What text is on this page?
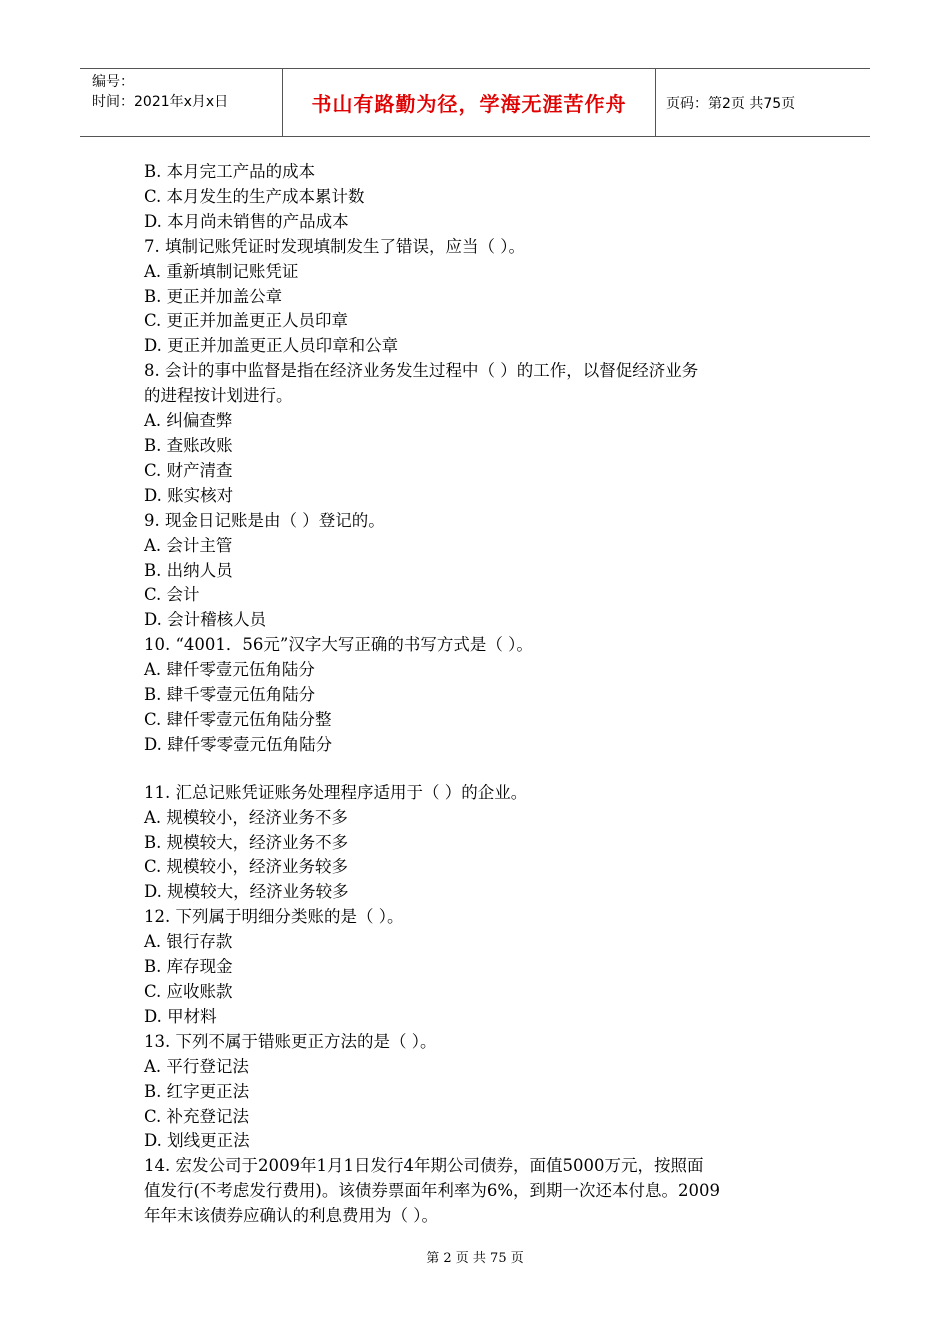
编号：
时间：2021年x月x日	书山有路勤为径，学海无涯苦作舟	页码：第2页 共75页
B. 本月完工产品的成本
C. 本月发生的生产成本累计数
D. 本月尚未销售的产品成本
7. 填制记账凭证时发现填制发生了错误，应当（ ）。
A. 重新填制记账凭证
B. 更正并加盖公章
C. 更正并加盖更正人员印章
D. 更正并加盖更正人员印章和公章
8. 会计的事中监督是指在经济业务发生过程中（ ）的工作，以督促经济业务
的进程按计划进行。
A. 纠偏查弊
B. 查账改账
C. 财产清查
D. 账实核对
9. 现金日记账是由（ ）登记的。
A. 会计主管
B. 出纳人员
C. 会计
D. 会计稽核人员
10. “4001．56元”汉字大写正确的书写方式是（ ）。
A. 肆仟零壹元伍角陆分
B. 肆千零壹元伍角陆分
C. 肆仟零壹元伍角陆分整
D. 肆仟零零壹元伍角陆分
11. 汇总记账凭证账务处理程序适用于（ ）的企业。
A. 规模较小，经济业务不多
B. 规模较大，经济业务不多
C. 规模较小，经济业务较多
D. 规模较大，经济业务较多
12. 下列属于明细分类账的是（ ）。
A. 银行存款
B. 库存现金
C. 应收账款
D. 甲材料
13. 下列不属于错账更正方法的是（ ）。
A. 平行登记法
B. 红字更正法
C. 补充登记法
D. 划线更正法
14. 宏发公司于2009年1月1日发行4年期公司债券，面值5000万元，按照面
值发行(不考虑发行费用)。该债券票面年利率为6%，到期一次还本付息。2009
年年末该债券应确认的利息费用为（ ）。
第 2 页 共 75 页
